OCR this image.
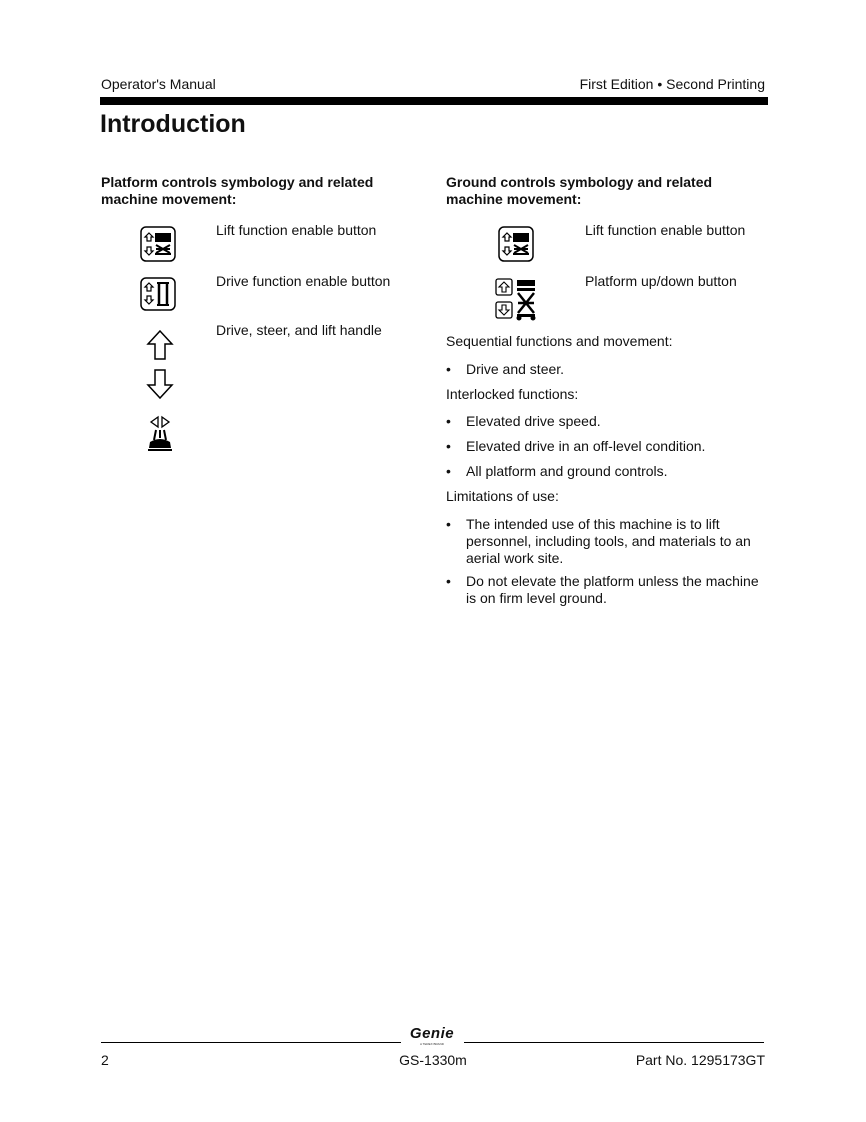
Operator's Manual	First Edition • Second Printing
Introduction
Platform controls symbology and related machine movement:
Lift function enable button
Drive function enable button
Drive, steer, and lift handle
Ground controls symbology and related machine movement:
Lift function enable button
Platform up/down button
Sequential functions and movement:
• Drive and steer.
Interlocked functions:
• Elevated drive speed.
• Elevated drive in an off-level condition.
• All platform and ground controls.
Limitations of use:
• The intended use of this machine is to lift personnel, including tools, and materials to an aerial work site.
• Do not elevate the platform unless the machine is on firm level ground.
Genie
A TEREX BRAND
2	GS-1330m	Part No. 1295173GT
